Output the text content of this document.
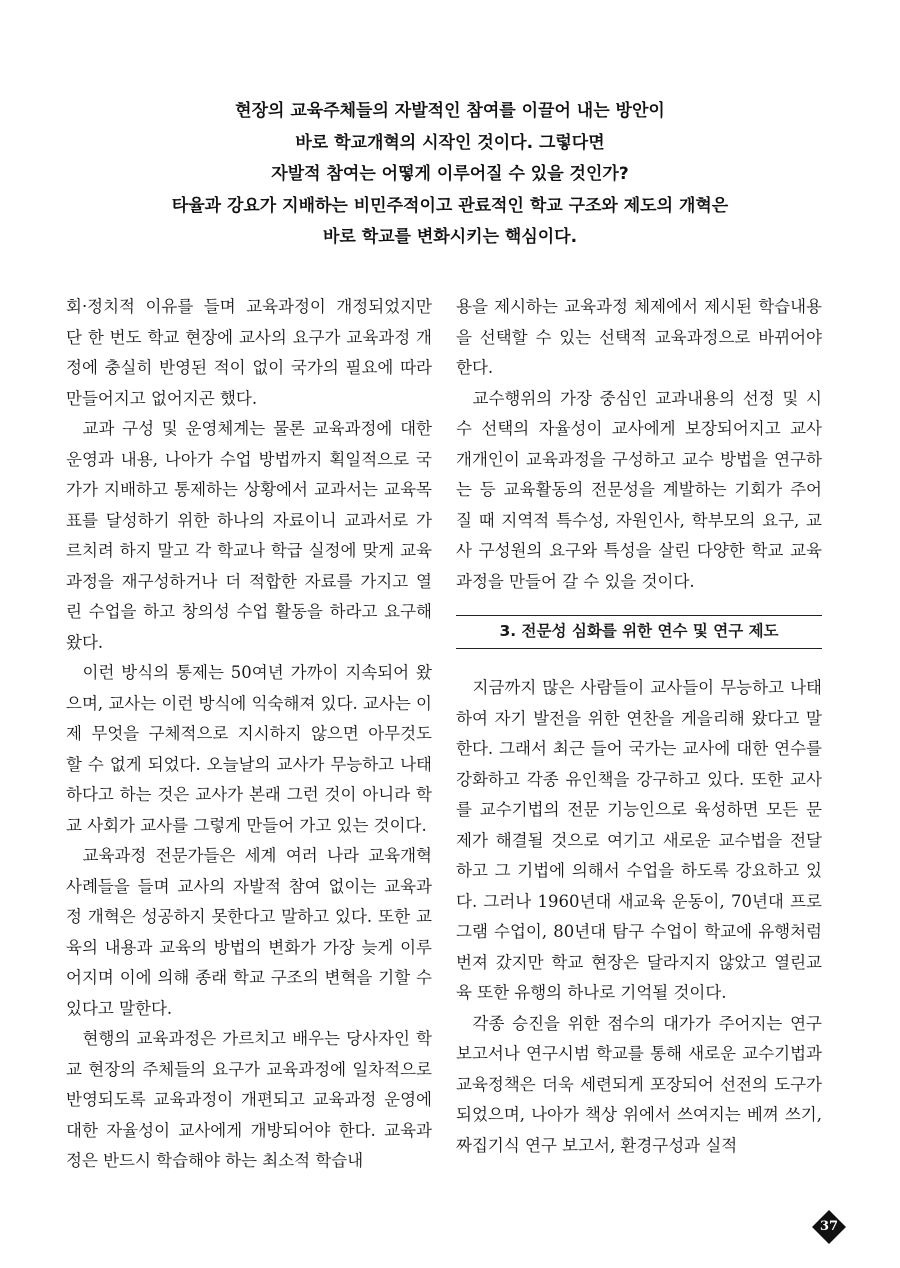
현장의 교육주체들의 자발적인 참여를 이끌어 내는 방안이
바로 학교개혁의 시작인 것이다. 그렇다면
자발적 참여는 어떻게 이루어질 수 있을 것인가?
타율과 강요가 지배하는 비민주적이고 관료적인 학교 구조와 제도의 개혁은
바로 학교를 변화시키는 핵심이다.

회·정치적 이유를 들며 교육과정이 개정되었지만 단 한 번도 학교 현장에 교사의 요구가 교육과정 개정에 충실히 반영된 적이 없이 국가의 필요에 따라 만들어지고 없어지곤 했다.

교과 구성 및 운영체계는 물론 교육과정에 대한 운영과 내용, 나아가 수업 방법까지 획일적으로 국가가 지배하고 통제하는 상황에서 교과서는 교육목표를 달성하기 위한 하나의 자료이니 교과서로 가르치려 하지 말고 각 학교나 학급 실정에 맞게 교육과정을 재구성하거나 더 적합한 자료를 가지고 열린 수업을 하고 창의성 수업 활동을 하라고 요구해 왔다.

이런 방식의 통제는 50여년 가까이 지속되어 왔으며, 교사는 이런 방식에 익숙해져 있다. 교사는 이제 무엇을 구체적으로 지시하지 않으면 아무것도 할 수 없게 되었다. 오늘날의 교사가 무능하고 나태하다고 하는 것은 교사가 본래 그런 것이 아니라 학교 사회가 교사를 그렇게 만들어 가고 있는 것이다.

교육과정 전문가들은 세계 여러 나라 교육개혁 사례들을 들며 교사의 자발적 참여 없이는 교육과정 개혁은 성공하지 못한다고 말하고 있다. 또한 교육의 내용과 교육의 방법의 변화가 가장 늦게 이루어지며 이에 의해 종래 학교 구조의 변혁을 기할 수 있다고 말한다.

현행의 교육과정은 가르치고 배우는 당사자인 학교 현장의 주체들의 요구가 교육과정에 일차적으로 반영되도록 교육과정이 개편되고 교육과정 운영에 대한 자율성이 교사에게 개방되어야 한다. 교육과정은 반드시 학습해야 하는 최소적 학습내

용을 제시하는 교육과정 체제에서 제시된 학습내용을 선택할 수 있는 선택적 교육과정으로 바뀌어야 한다.

교수행위의 가장 중심인 교과내용의 선정 및 시수 선택의 자율성이 교사에게 보장되어지고 교사 개개인이 교육과정을 구성하고 교수 방법을 연구하는 등 교육활동의 전문성을 계발하는 기회가 주어질 때 지역적 특수성, 자원인사, 학부모의 요구, 교사 구성원의 요구와 특성을 살린 다양한 학교 교육과정을 만들어 갈 수 있을 것이다.

3. 전문성 심화를 위한 연수 및 연구 제도

지금까지 많은 사람들이 교사들이 무능하고 나태하여 자기 발전을 위한 연찬을 게을리해 왔다고 말한다. 그래서 최근 들어 국가는 교사에 대한 연수를 강화하고 각종 유인책을 강구하고 있다. 또한 교사를 교수기법의 전문 기능인으로 육성하면 모든 문제가 해결될 것으로 여기고 새로운 교수법을 전달하고 그 기법에 의해서 수업을 하도록 강요하고 있다. 그러나 1960년대 새교육 운동이, 70년대 프로그램 수업이, 80년대 탐구 수업이 학교에 유행처럼 번져 갔지만 학교 현장은 달라지지 않았고 열린교육 또한 유행의 하나로 기억될 것이다.

각종 승진을 위한 점수의 대가가 주어지는 연구보고서나 연구시범 학교를 통해 새로운 교수기법과 교육정책은 더욱 세련되게 포장되어 선전의 도구가 되었으며, 나아가 책상 위에서 쓰여지는 베껴 쓰기, 짜집기식 연구 보고서, 환경구성과 실적

37
